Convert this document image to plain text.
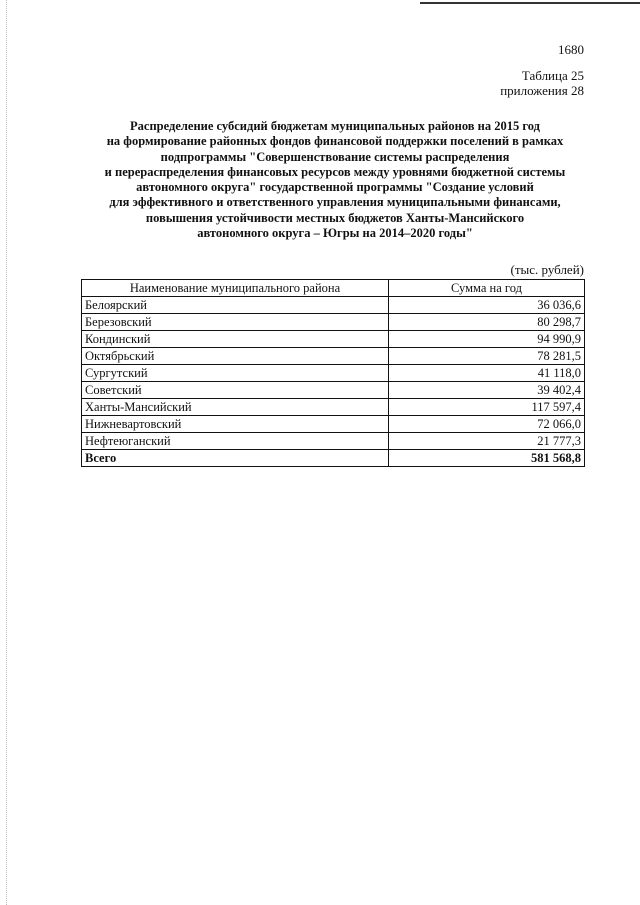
1680
Таблица 25
приложения 28
Распределение субсидий бюджетам муниципальных районов на 2015 год
на формирование районных фондов финансовой поддержки поселений в рамках
подпрограммы "Совершенствование системы распределения
и перераспределения финансовых ресурсов между уровнями бюджетной системы
автономного округа" государственной программы "Создание условий
для эффективного и ответственного управления муниципальными финансами,
повышения устойчивости местных бюджетов Ханты-Мансийского
автономного округа – Югры на 2014–2020 годы"
(тыс. рублей)
Наименование муниципального района	Сумма на год
Белоярский	36 036,6
Березовский	80 298,7
Кондинский	94 990,9
Октябрьский	78 281,5
Сургутский	41 118,0
Советский	39 402,4
Ханты-Мансийский	117 597,4
Нижневартовский	72 066,0
Нефтеюганский	21 777,3
Всего	581 568,8
